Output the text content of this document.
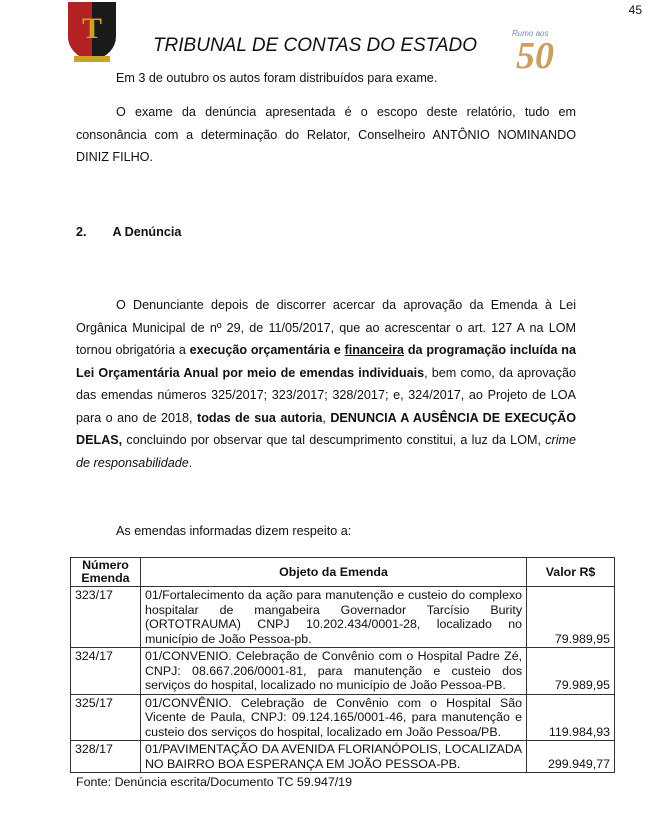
T
45
TRIBUNAL DE CONTAS DO ESTADO
Rumo aos
50
Em 3 de outubro os autos foram distribuídos para exame.
O exame da denúncia apresentada é o escopo deste relatório, tudo em consonância com a determinação do Relator, Conselheiro ANTÔNIO NOMINANDO DINIZ FILHO.
2. A Denúncia
O Denunciante depois de discorrer acercar da aprovação da Emenda à Lei Orgânica Municipal de nº 29, de 11/05/2017, que ao acrescentar o art. 127 A na LOM tornou obrigatória a execução orçamentária e financeira da programação incluída na Lei Orçamentária Anual por meio de emendas individuais, bem como, da aprovação das emendas números 325/2017; 323/2017; 328/2017; e, 324/2017, ao Projeto de LOA para o ano de 2018, todas de sua autoria, DENUNCIA A AUSÊNCIA DE EXECUÇÃO DELAS, concluindo por observar que tal descumprimento constitui, a luz da LOM, crime de responsabilidade.
As emendas informadas dizem respeito a:
Número Emenda	Objeto da Emenda	Valor R$
323/17	01/Fortalecimento da ação para manutenção e custeio do complexo hospitalar de mangabeira Governador Tarcísio Burity (ORTOTRAUMA) CNPJ 10.202.434/0001-28, localizado no município de João Pessoa-pb.	79.989,95
324/17	01/CONVENIO. Celebração de Convênio com o Hospital Padre Zé, CNPJ: 08.667.206/0001-81, para manutenção e custeio dos serviços do hospital, localizado no município de João Pessoa-PB.	79.989,95
325/17	01/CONVÊNIO. Celebração de Convênio com o Hospital São Vicente de Paula, CNPJ: 09.124.165/0001-46, para manutenção e custeio dos serviços do hospital, localizado em João Pessoa/PB.	119.984,93
328/17	01/PAVIMENTAÇÃO DA AVENIDA FLORIANÓPOLIS, LOCALIZADA NO BAIRRO BOA ESPERANÇA EM JOÃO PESSOA-PB.	299.949,77
Fonte: Denúncia escrita/Documento TC 59.947/19
